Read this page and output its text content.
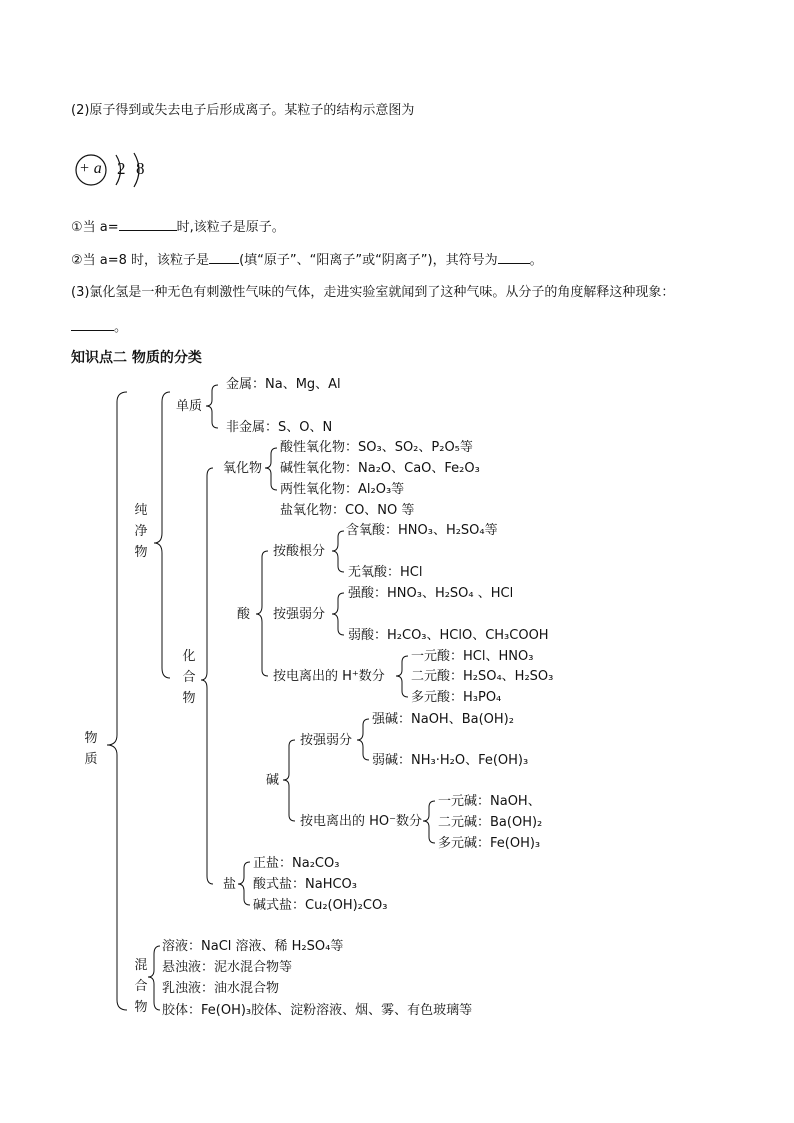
(2)原子得到或失去电子后形成离子。某粒子的结构示意图为
+ a 2 8
①当 a=	时,该粒子是原子。
②当 a=8 时，该粒子是 (填“原子”、“阳离子”或“阴离子”)，其符号为 。
(3)氯化氢是一种无色有刺激性气味的气体，走进实验室就闻到了这种气味。从分子的角度解释这种现象：
。
知识点二 物质的分类
物质
纯净物
单质
金属：Na、Mg、Al
非金属：S、O、N
化合物
氧化物
酸性氧化物：SO₃、SO₂、P₂O₅等
碱性氧化物：Na₂O、CaO、Fe₂O₃
两性氧化物：Al₂O₃等
盐氧化物：CO、NO 等
酸
按酸根分
含氧酸：HNO₃、H₂SO₄等
无氧酸：HCl
按强弱分
强酸：HNO₃、H₂SO₄ 、HCl
弱酸：H₂CO₃、HClO、CH₃COOH
按电离出的 H⁺数分
一元酸：HCl、HNO₃
二元酸：H₂SO₄、H₂SO₃
多元酸：H₃PO₄
碱
按强弱分
强碱：NaOH、Ba(OH)₂
弱碱：NH₃·H₂O、Fe(OH)₃
按电离出的 HO⁻数分
一元碱：NaOH、
二元碱：Ba(OH)₂
多元碱：Fe(OH)₃
盐
正盐：Na₂CO₃
酸式盐：NaHCO₃
碱式盐：Cu₂(OH)₂CO₃
混合物
溶液：NaCl 溶液、稀 H₂SO₄等
悬浊液：泥水混合物等
乳浊液：油水混合物
胶体：Fe(OH)₃胶体、淀粉溶液、烟、雾、有色玻璃等
